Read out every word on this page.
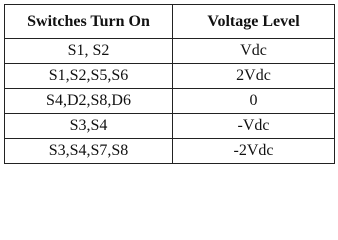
Switches Turn On	Voltage Level
S1, S2	Vdc
S1,S2,S5,S6	2Vdc
S4,D2,S8,D6	0
S3,S4	-Vdc
S3,S4,S7,S8	-2Vdc
